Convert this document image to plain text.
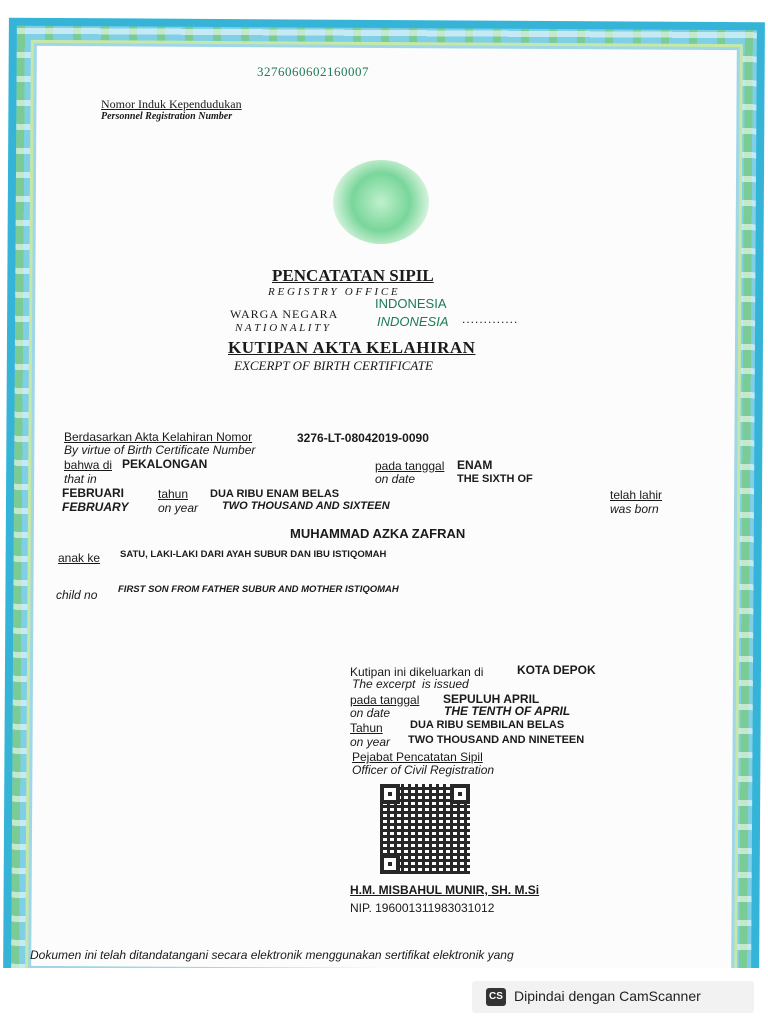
3276060602160007
Nomor Induk Kependudukan
Personnel Registration Number
PENCATATAN SIPIL
R E G I S T R Y   O F F I C E
WARGA NEGARA
N A T I O N A L I T Y
INDONESIA
INDONESIA .............
KUTIPAN AKTA KELAHIRAN
EXCERPT OF BIRTH CERTIFICATE
Berdasarkan Akta Kelahiran Nomor
By virtue of Birth Certificate Number
3276-LT-08042019-0090
bahwa di PEKALONGAN
that in
pada tanggal
on date
ENAM
THE SIXTH OF
FEBRUARI
FEBRUARY
tahun
on year
DUA RIBU ENAM BELAS
TWO THOUSAND AND SIXTEEN
telah lahir
was born
MUHAMMAD AZKA ZAFRAN
anak ke SATU, LAKI-LAKI DARI AYAH SUBUR DAN IBU ISTIQOMAH
child no FIRST SON FROM FATHER SUBUR AND MOTHER ISTIQOMAH
Kutipan ini dikeluarkan di	KOTA DEPOK
The excerpt  is issued
pada tanggal SEPULUH APRIL
on date	THE TENTH OF APRIL
Tahun DUA RIBU SEMBILAN BELAS
on year TWO THOUSAND AND NINETEEN
Pejabat Pencatatan Sipil
Officer of Civil Registration
H.M. MISBAHUL MUNIR, SH. M.Si
NIP. 196001311983031012
Dokumen ini telah ditandatangani secara elektronik menggunakan sertifikat elektronik yang
CS Dipindai dengan CamScanner
